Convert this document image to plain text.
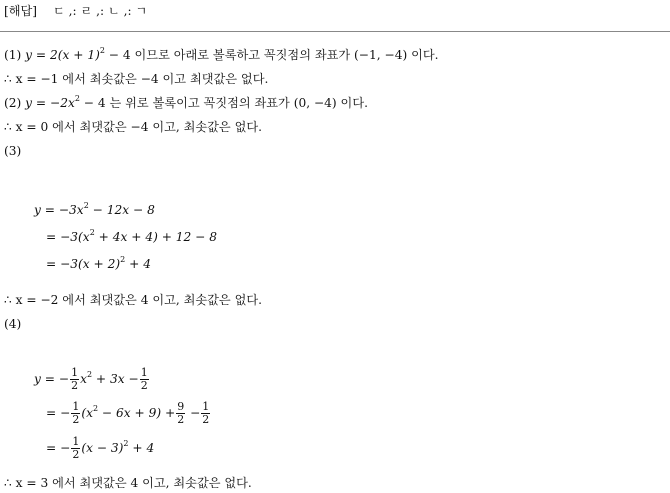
[해답] ㄷ ,: ㄹ ,: ㄴ ,: ㄱ
(1) $y = 2(x + 1)^2 - 4$ 이므로 아래로 볼록하고 꼭짓점의 좌표가 (−1, −4) 이다.
∴ x = −1 에서 최솟값은 −4 이고 최댓값은 없다.
(2) $y = -2x^2 - 4$ 는 위로 볼록이고 꼭짓점의 좌표가 (0, −4) 이다.
∴ x = 0 에서 최댓값은 −4 이고, 최솟값은 없다.
(3)
$y = -3x^2 - 12x - 8$
= $-3(x^2 + 4x + 4) + 12 - 8$
= $-3(x + 2)^2 + 4$
∴ x = −2 에서 최댓값은 4 이고, 최솟값은 없다.
(4)
y = − $\frac{1}{2} x^2 + 3x - \frac{1}{2}$
= − $\frac{1}{2} (x^2 - 6x + 9) + \frac{9}{2} - \frac{1}{2}$
= − $\frac{1}{2} (x - 3)^2 + 4$
∴ x = 3 에서 최댓값은 4 이고, 최솟값은 없다.
